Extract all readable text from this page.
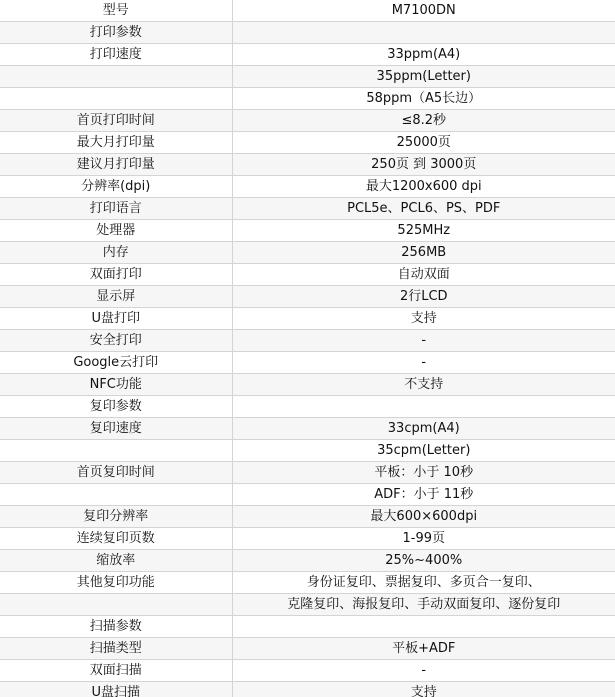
型号	M7100DN
打印参数	
打印速度	33ppm(A4)
	35ppm(Letter)
	58ppm（A5长边）
首页打印时间	≤8.2秒
最大月打印量	25000页
建议月打印量	250页 到 3000页
分辨率(dpi)	最大1200x600 dpi
打印语言	PCL5e、PCL6、PS、PDF
处理器	525MHz
内存	256MB
双面打印	自动双面
显示屏	2行LCD
U盘打印	支持
安全打印	-
Google云打印	-
NFC功能	不支持
复印参数	
复印速度	33cpm(A4)
	35cpm(Letter)
首页复印时间	平板：小于 10秒
	ADF：小于 11秒
复印分辨率	最大600×600dpi
连续复印页数	1-99页
缩放率	25%~400%
其他复印功能	身份证复印、票据复印、多页合一复印、
	克隆复印、海报复印、手动双面复印、逐份复印
扫描参数	
扫描类型	平板+ADF
双面扫描	-
U盘扫描	支持
